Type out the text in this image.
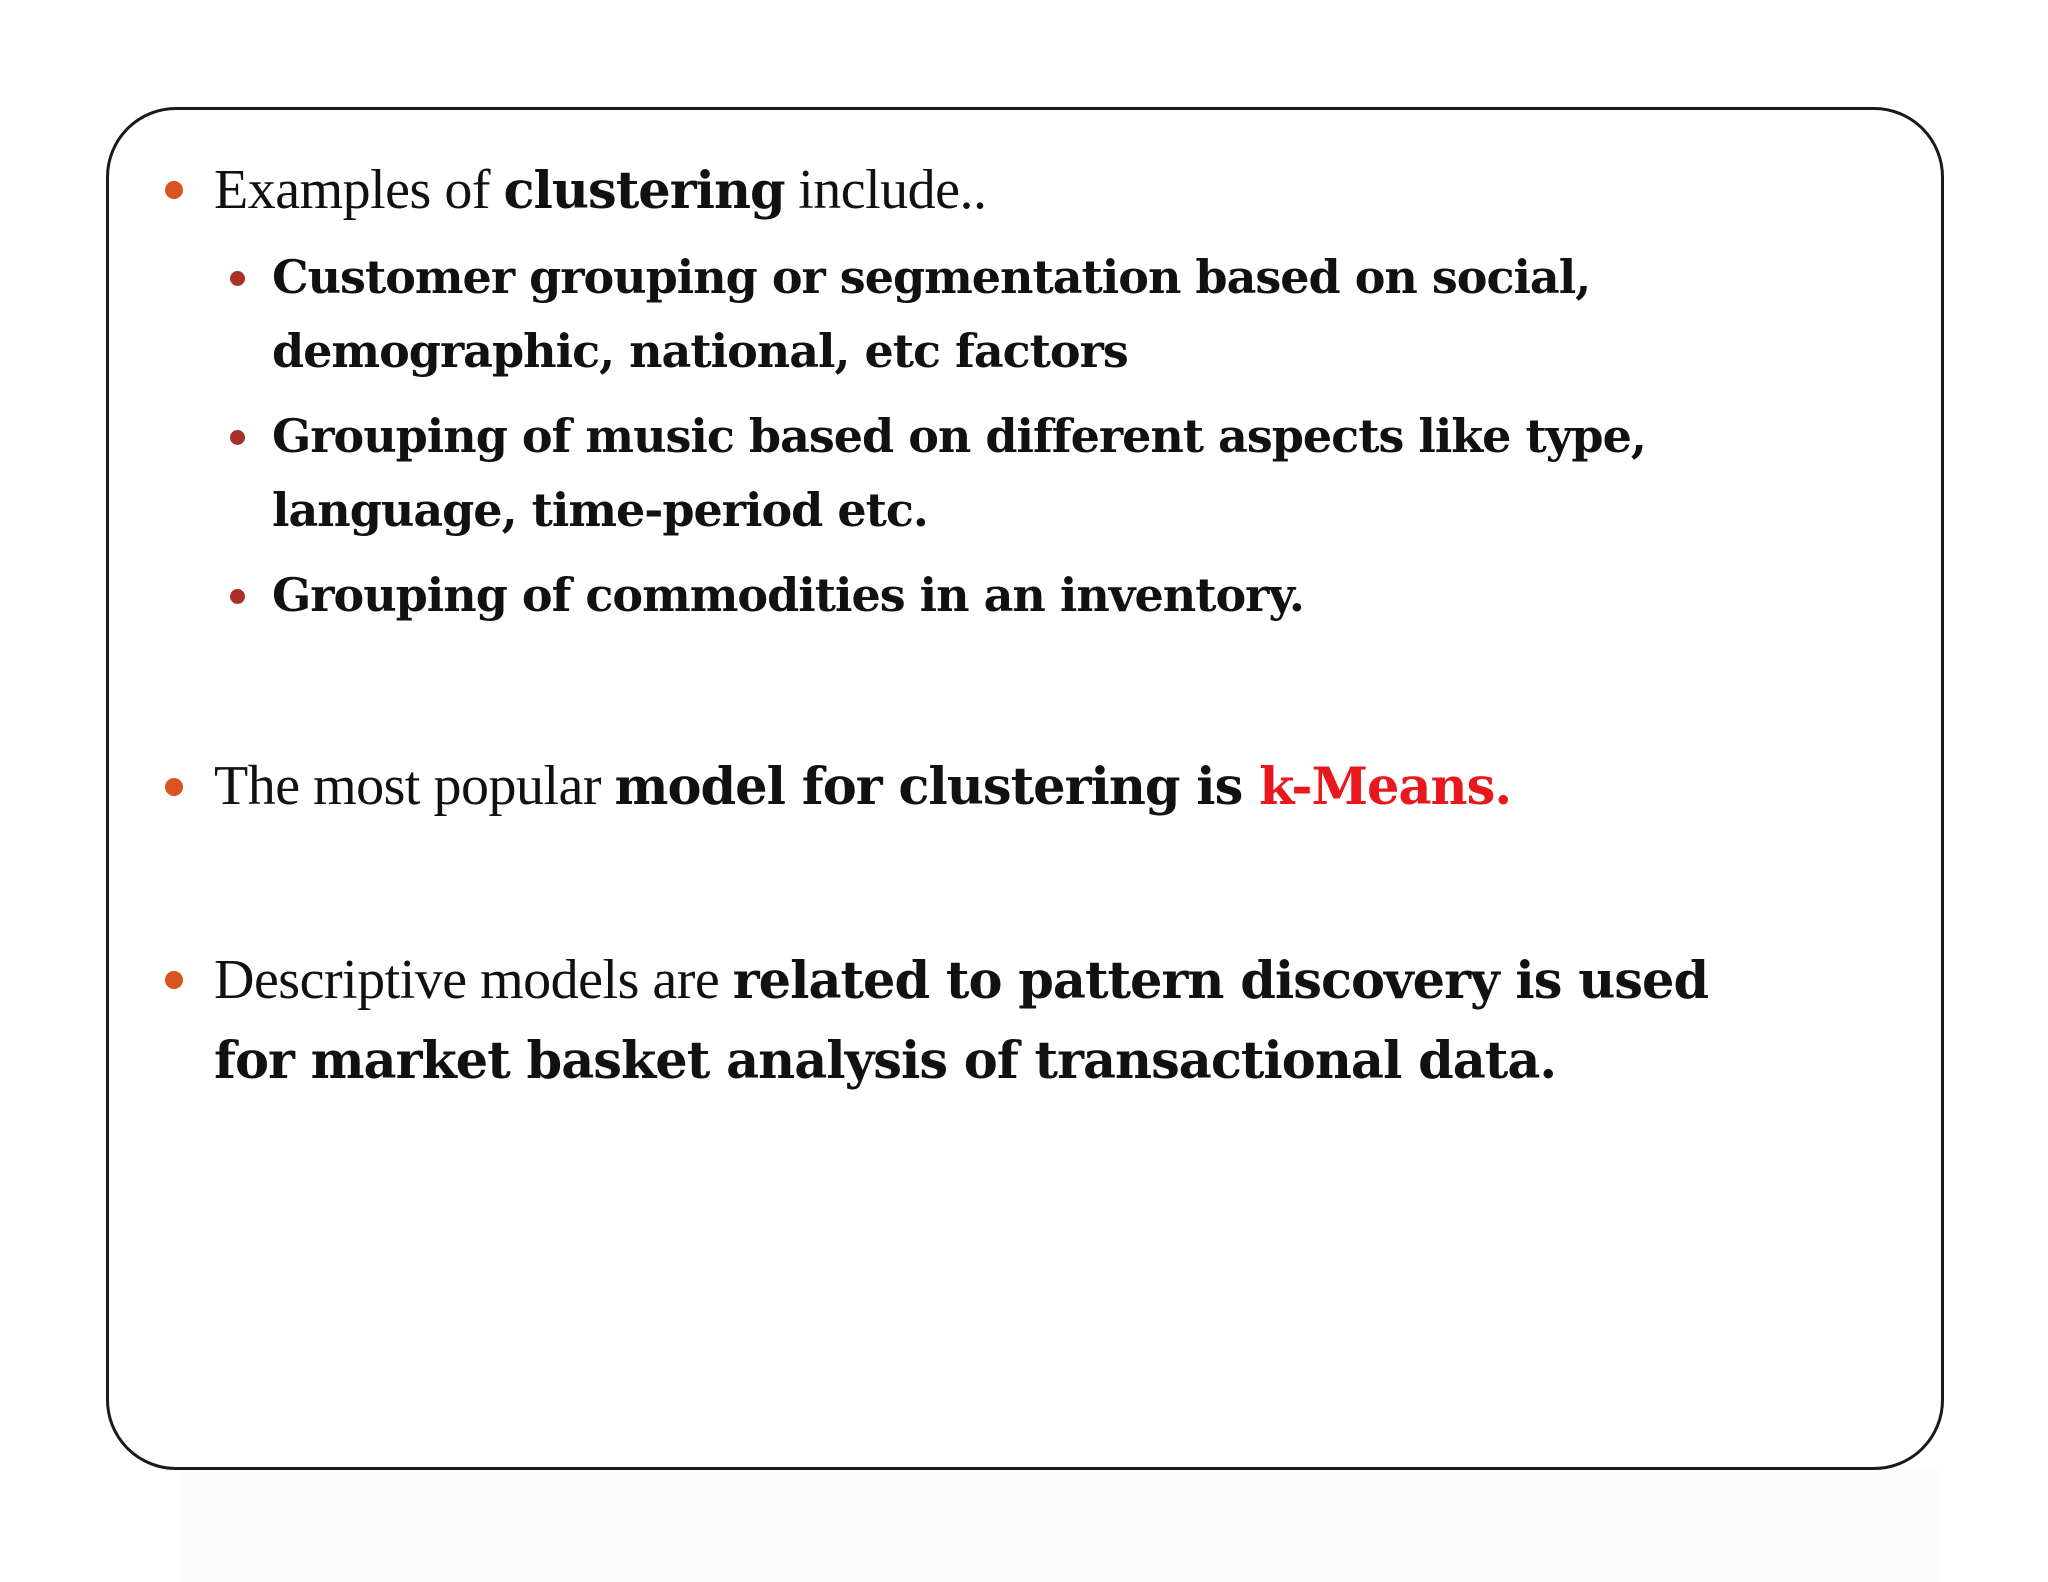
Examples of clustering include..
Customer grouping or segmentation based on social,
demographic, national, etc factors
Grouping of music based on different aspects like type,
language, time-period etc.
Grouping of commodities in an inventory.
The most popular model for clustering is k-Means.
Descriptive models are related to pattern discovery is used
for market basket analysis of transactional data.
